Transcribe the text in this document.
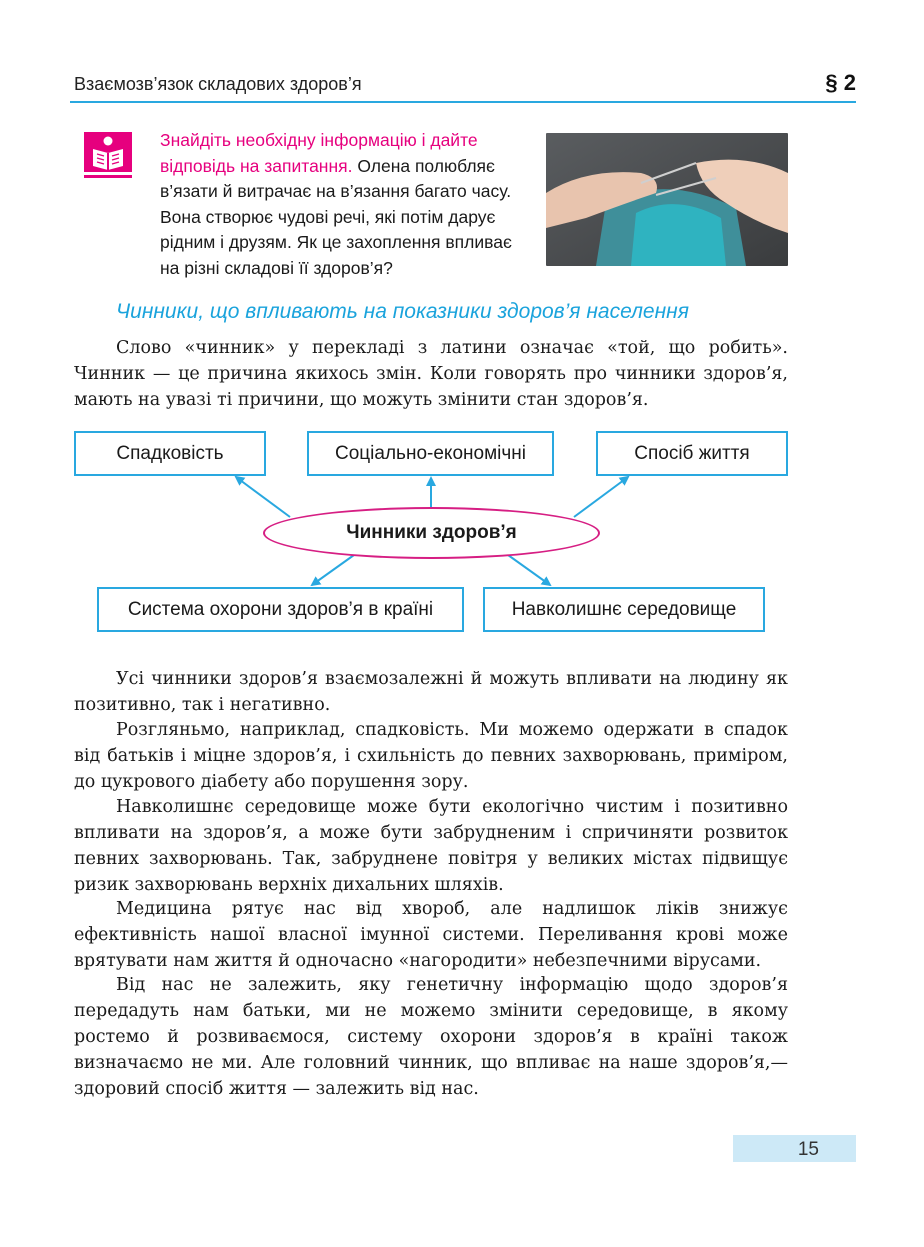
Взаємозв’язок складових здоров’я	§ 2
Знайдіть необхідну інформацію і дайте відповідь на запитання. Олена полюбляє в’язати й витрачає на в’язання багато часу. Вона створює чудові речі, які потім дарує рідним і друзям. Як це захоплення впливає на різні складові її здоров’я?
Чинники, що впливають на показники здоров’я населення

Слово «чинник» у перекладі з латини означає «той, що робить». Чинник — це причина якихось змін. Коли говорять про чинники здоров’я, мають на увазі ті причини, що можуть змінити стан здоров’я.

Спадковість	Соціально-економічні	Спосіб життя
Чинники здоров’я
Система охорони здоров’я в країні	Навколишнє середовище

Усі чинники здоров’я взаємозалежні й можуть впливати на людину як позитивно, так і негативно.

Розгляньмо, наприклад, спадковість. Ми можемо одержати в спадок від батьків і міцне здоров’я, і схильність до певних захворювань, приміром, до цукрового діабету або порушення зору.

Навколишнє середовище може бути екологічно чистим і позитивно впливати на здоров’я, а може бути забрудненим і спричиняти розвиток певних захворювань. Так, забруднене повітря у великих містах підвищує ризик захворювань верхніх дихальних шляхів.

Медицина рятує нас від хвороб, але надлишок ліків знижує ефективність нашої власної імунної системи. Переливання крові може врятувати нам життя й одночасно «нагородити» небезпечними вірусами.

Від нас не залежить, яку генетичну інформацію щодо здоров’я передадуть нам батьки, ми не можемо змінити середовище, в якому ростемо й розвиваємося, систему охорони здоров’я в країні також визначаємо не ми. Але головний чинник, що впливає на наше здоров’я,— здоровий спосіб життя — залежить від нас.

15
